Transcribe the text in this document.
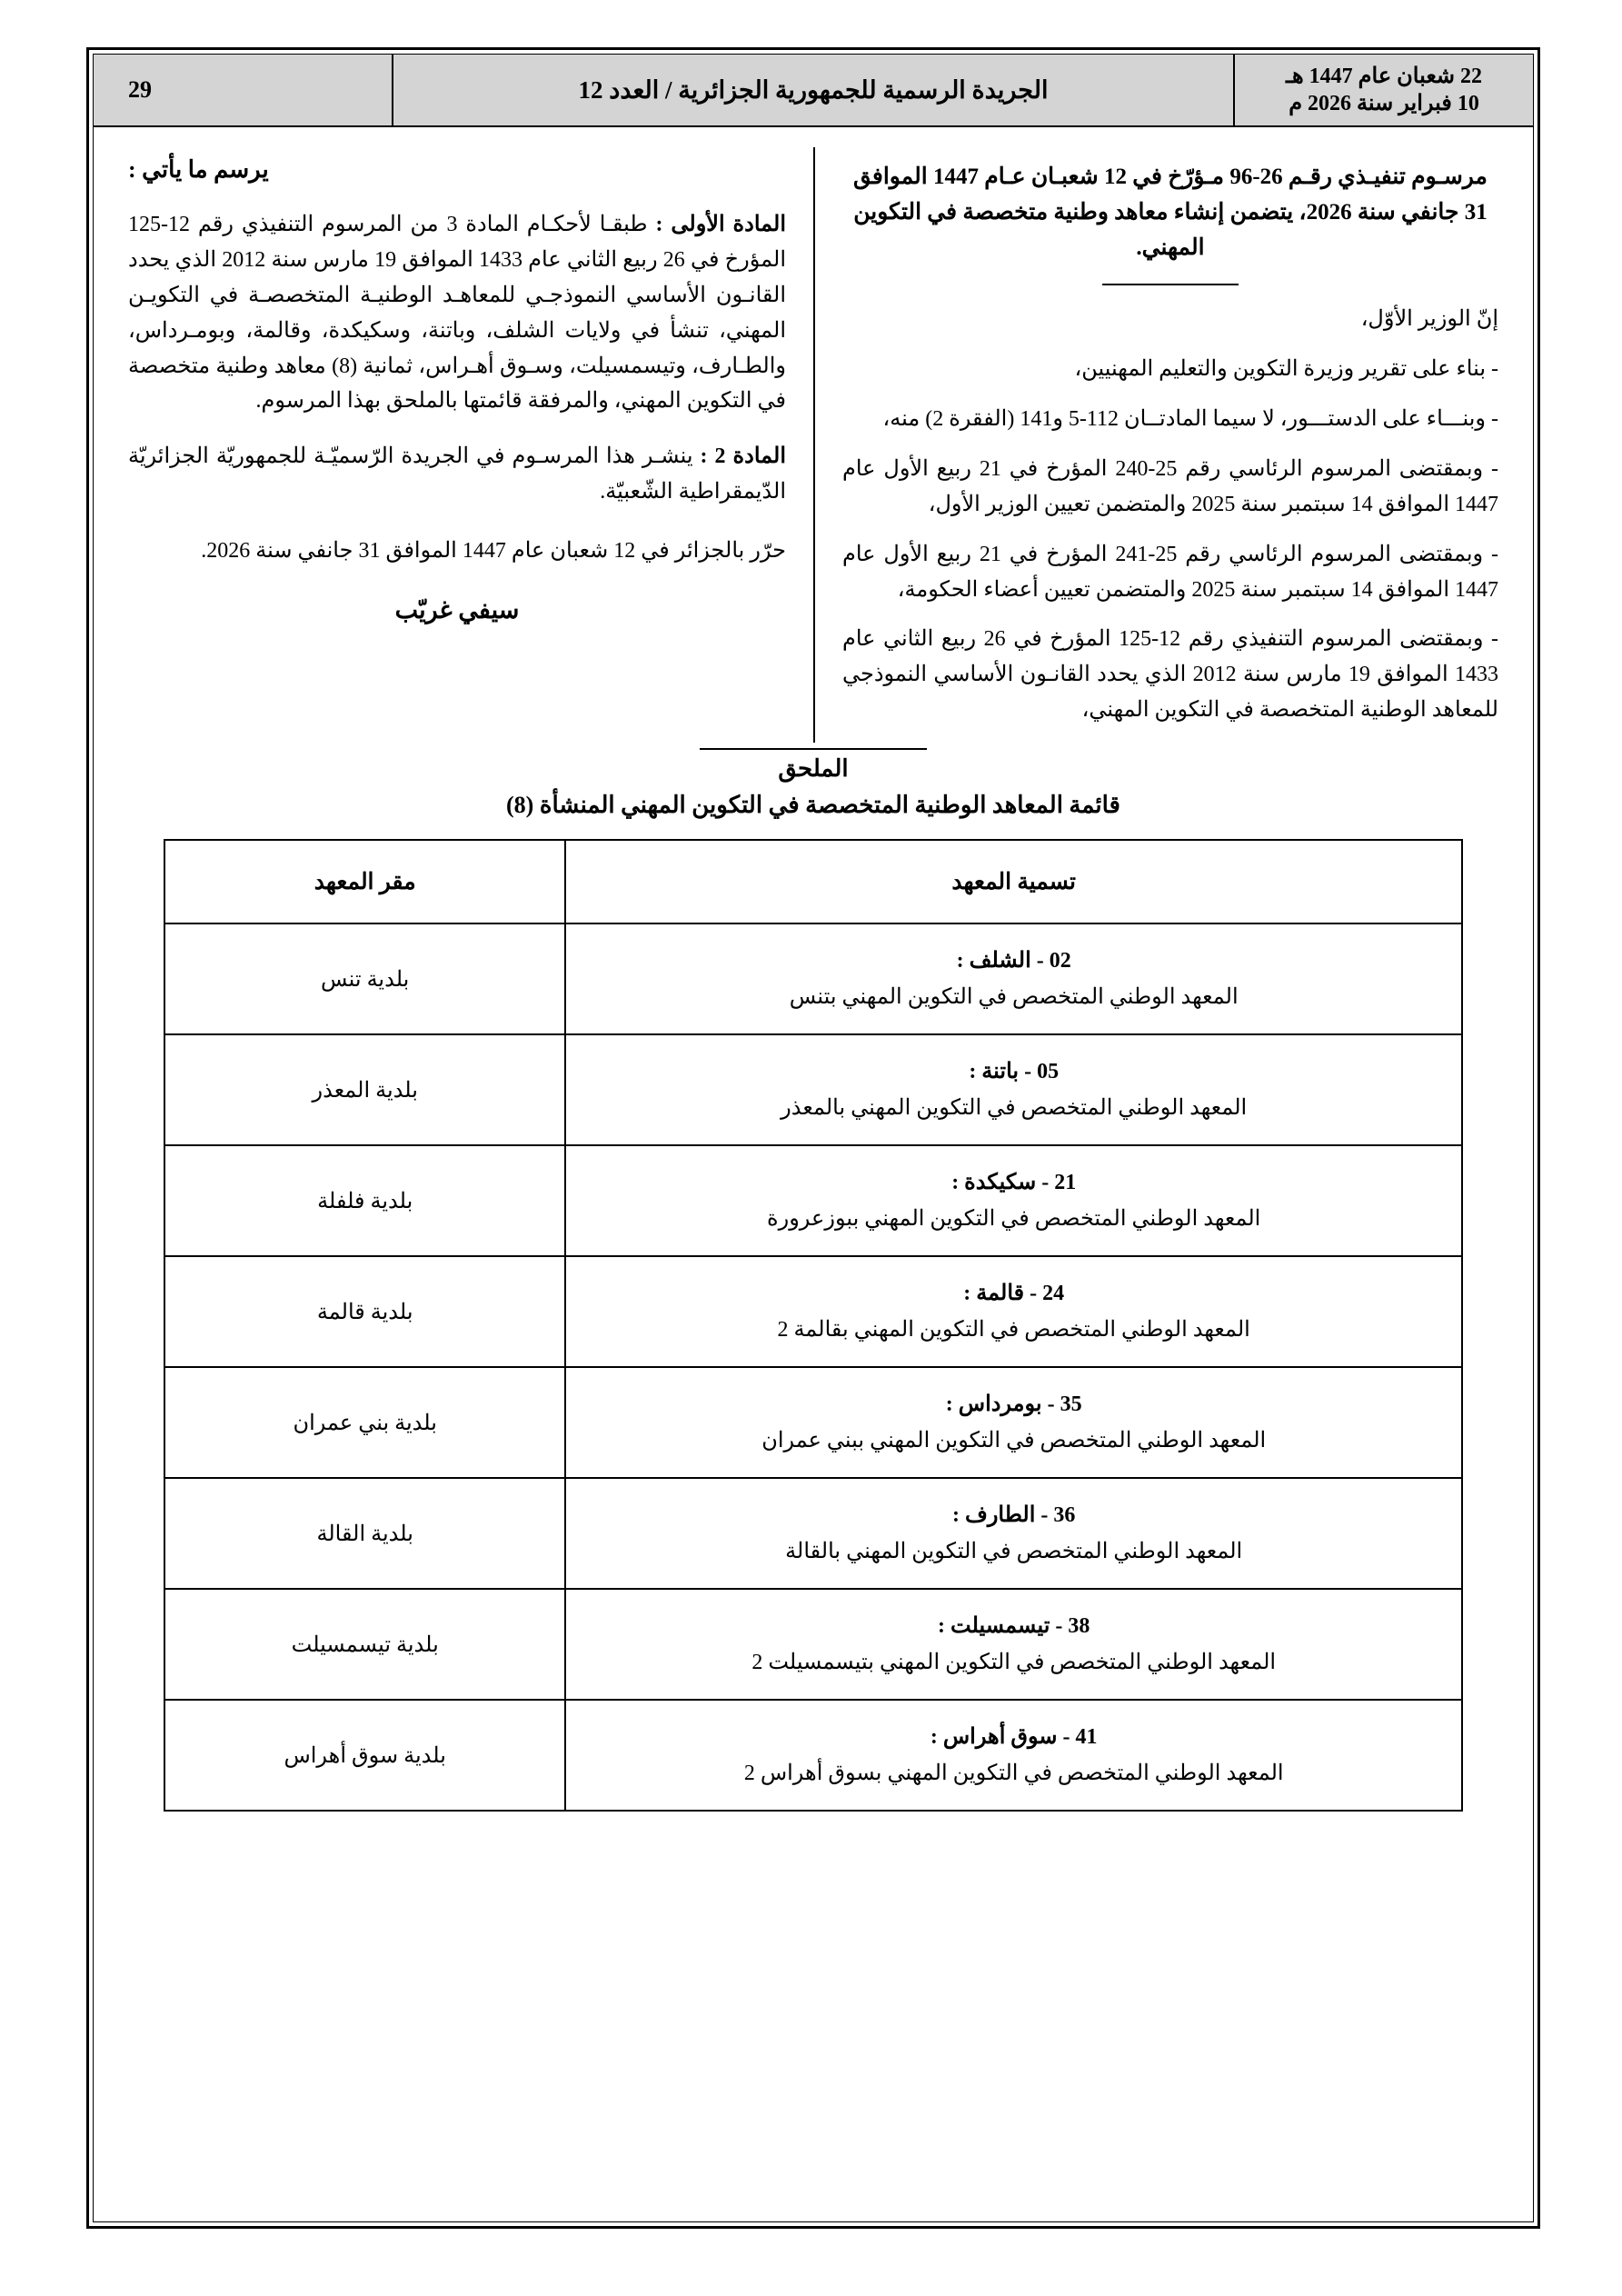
22 شعبان عام 1447 هـ
10 فبراير سنة 2026 م
الجريدة الرسمية للجمهورية الجزائرية / العدد 12
29
مرسـوم تنفيـذي رقـم 26-96 مـؤرّخ في 12 شعبـان عـام 1447 الموافق 31 جانفي سنة 2026، يتضمن إنشاء معاهد وطنية متخصصة في التكوين المهني.
إنّ الوزير الأوّل،
- بناء على تقرير وزيرة التكوين والتعليم المهنيين،
- وبنـــاء على الدستـــور، لا سيما المادتــان 112-5 و141 (الفقرة 2) منه،
- وبمقتضى المرسوم الرئاسي رقم 25-240 المؤرخ في 21 ربيع الأول عام 1447 الموافق 14 سبتمبر سنة 2025 والمتضمن تعيين الوزير الأول،
- وبمقتضى المرسوم الرئاسي رقم 25-241 المؤرخ في 21 ربيع الأول عام 1447 الموافق 14 سبتمبر سنة 2025 والمتضمن تعيين أعضاء الحكومة،
- وبمقتضى المرسوم التنفيذي رقم 12-125 المؤرخ في 26 ربيع الثاني عام 1433 الموافق 19 مارس سنة 2012 الذي يحدد القانـون الأساسي النموذجي للمعاهد الوطنية المتخصصة في التكوين المهني،
يرسم ما يأتي :
المادة الأولى : طبقـا لأحكـام المادة 3 من المرسوم التنفيذي رقم 12-125 المؤرخ في 26 ربيع الثاني عام 1433 الموافق 19 مارس سنة 2012 الذي يحدد القانـون الأساسي النموذجـي للمعاهـد الوطنيـة المتخصصـة في التكويـن المهني، تنشأ في ولايات الشلف، وباتنة، وسكيكدة، وقالمة، وبومـرداس، والطـارف، وتيسمسيلت، وسـوق أهـراس، ثمانية (8) معاهد وطنية متخصصة في التكوين المهني، والمرفقة قائمتها بالملحق بهذا المرسوم.
المادة 2 : ينشـر هذا المرسـوم في الجريدة الرّسميّـة للجمهوريّة الجزائريّة الدّيمقراطية الشّعبيّة.
حرّر بالجزائر في 12 شعبان عام 1447 الموافق 31 جانفي سنة 2026.
سيفي غريّب
الملحق
قائمة المعاهد الوطنية المتخصصة في التكوين المهني المنشأة (8)
تسمية المعهد	مقر المعهد

02 - الشلف :
المعهد الوطني المتخصص في التكوين المهني بتنس	بلدية تنس

05 - باتنة :
المعهد الوطني المتخصص في التكوين المهني بالمعذر	بلدية المعذر

21 - سكيكدة :
المعهد الوطني المتخصص في التكوين المهني ببوزعرورة	بلدية فلفلة

24 - قالمة :
المعهد الوطني المتخصص في التكوين المهني بقالمة 2	بلدية قالمة

35 - بومرداس :
المعهد الوطني المتخصص في التكوين المهني ببني عمران	بلدية بني عمران

36 - الطارف :
المعهد الوطني المتخصص في التكوين المهني بالقالة	بلدية القالة

38 - تيسمسيلت :
المعهد الوطني المتخصص في التكوين المهني بتيسمسيلت 2	بلدية تيسمسيلت

41 - سوق أهراس :
المعهد الوطني المتخصص في التكوين المهني بسوق أهراس 2	بلدية سوق أهراس
